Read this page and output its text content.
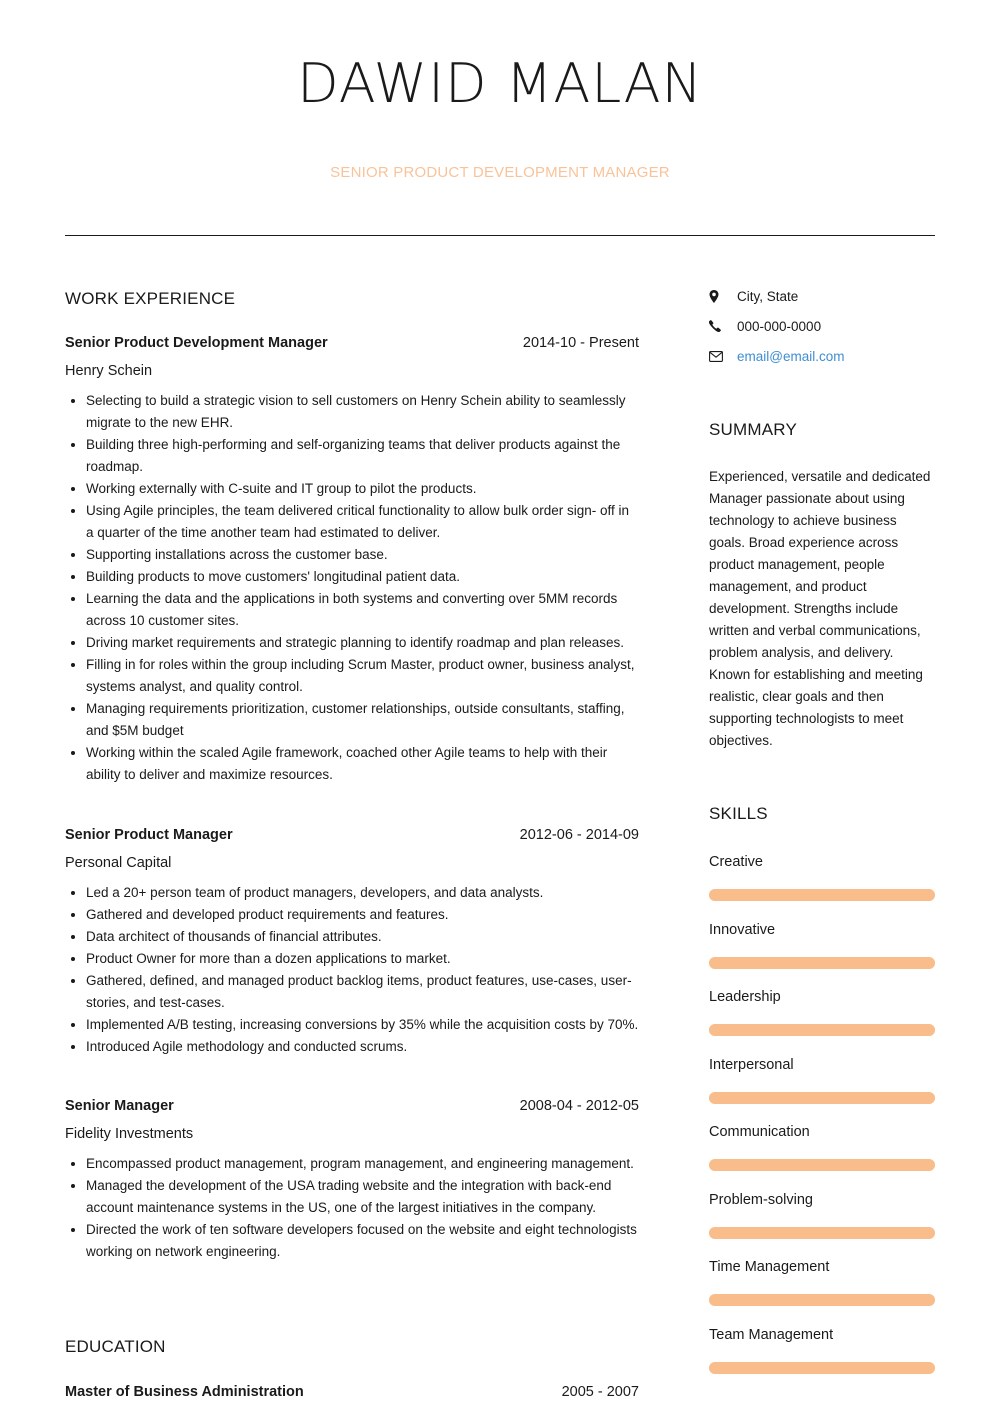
DAWID MALAN
SENIOR PRODUCT DEVELOPMENT MANAGER
WORK EXPERIENCE
Senior Product Development Manager	2014-10 - Present
Henry Schein
Selecting to build a strategic vision to sell customers on Henry Schein ability to seamlessly migrate to the new EHR.
Building three high-performing and self-organizing teams that deliver products against the roadmap.
Working externally with C-suite and IT group to pilot the products.
Using Agile principles, the team delivered critical functionality to allow bulk order sign- off in a quarter of the time another team had estimated to deliver.
Supporting installations across the customer base.
Building products to move customers' longitudinal patient data.
Learning the data and the applications in both systems and converting over 5MM records across 10 customer sites.
Driving market requirements and strategic planning to identify roadmap and plan releases.
Filling in for roles within the group including Scrum Master, product owner, business analyst, systems analyst, and quality control.
Managing requirements prioritization, customer relationships, outside consultants, staffing, and $5M budget
Working within the scaled Agile framework, coached other Agile teams to help with their ability to deliver and maximize resources.
Senior Product Manager	2012-06 - 2014-09
Personal Capital
Led a 20+ person team of product managers, developers, and data analysts.
Gathered and developed product requirements and features.
Data architect of thousands of financial attributes.
Product Owner for more than a dozen applications to market.
Gathered, defined, and managed product backlog items, product features, use-cases, user-stories, and test-cases.
Implemented A/B testing, increasing conversions by 35% while the acquisition costs by 70%.
Introduced Agile methodology and conducted scrums.
Senior Manager	2008-04 - 2012-05
Fidelity Investments
Encompassed product management, program management, and engineering management.
Managed the development of the USA trading website and the integration with back-end account maintenance systems in the US, one of the largest initiatives in the company.
Directed the work of ten software developers focused on the website and eight technologists working on network engineering.
EDUCATION
Master of Business Administration	2005 - 2007
City, State
000-000-0000
email@email.com
SUMMARY
Experienced, versatile and dedicated Manager passionate about using technology to achieve business goals. Broad experience across product management, people management, and product development. Strengths include written and verbal communications, problem analysis, and delivery. Known for establishing and meeting realistic, clear goals and then supporting technologists to meet objectives.
SKILLS
Creative
Innovative
Leadership
Interpersonal
Communication
Problem-solving
Time Management
Team Management
